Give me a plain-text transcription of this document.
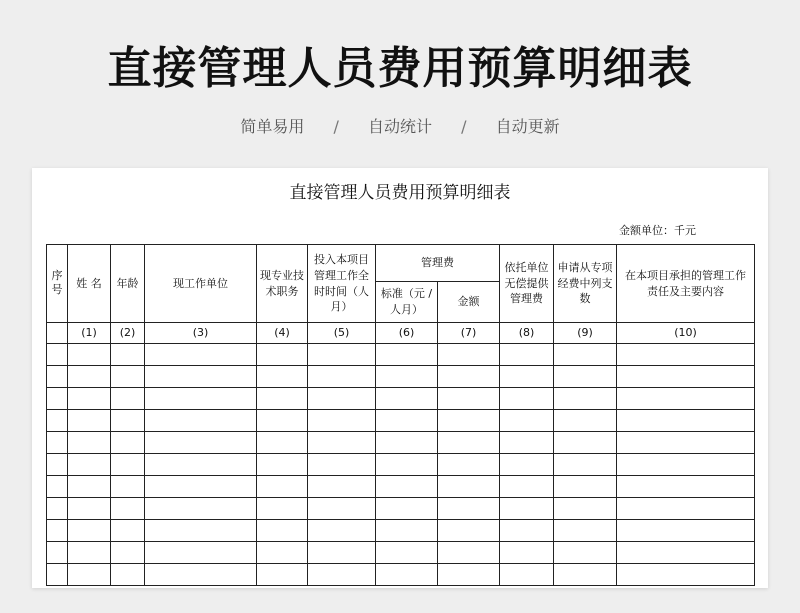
直接管理人员费用预算明细表
简单易用 / 自动统计 / 自动更新
直接管理人员费用预算明细表
金额单位：千元
序号	姓 名	年龄	现工作单位	现专业技术职务	投入本项目管理工作全时时间（人月）	管理费		依托单位无偿提供管理费	申请从专项经费中列支数	在本项目承担的管理工作责任及主要内容
						标准（元 / 人月）	金额			
	(1)	(2)	(3)	(4)	(5)	(6)	(7)	(8)	(9)	(10)
